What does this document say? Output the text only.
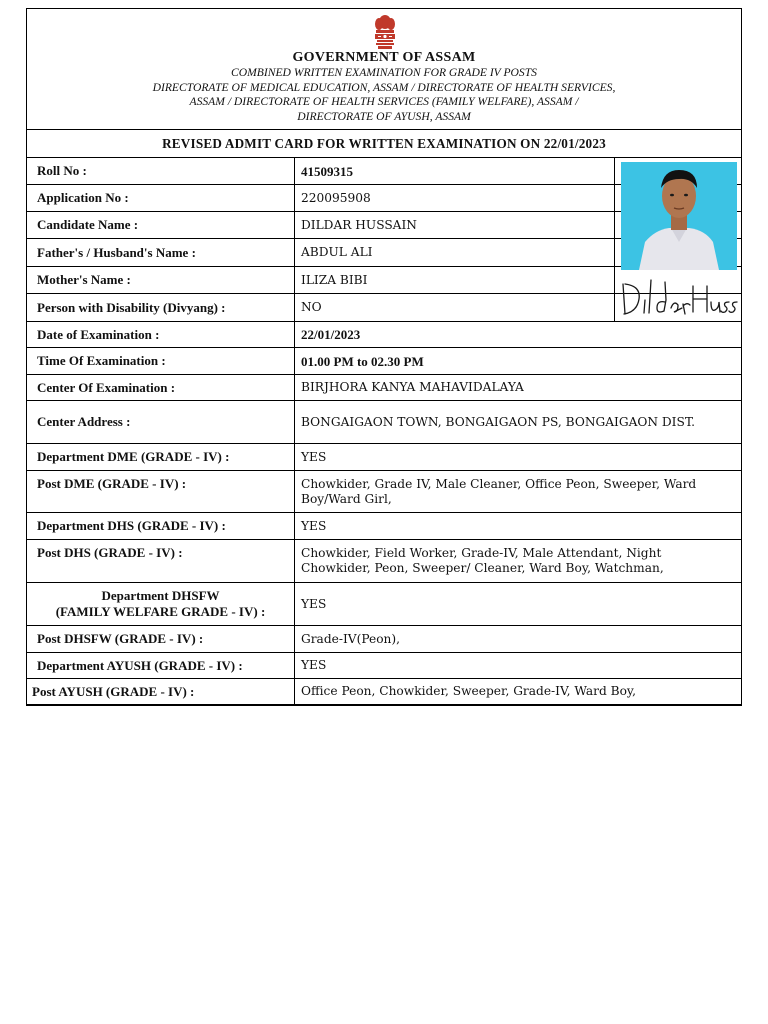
GOVERNMENT OF ASSAM
COMBINED WRITTEN EXAMINATION FOR GRADE IV POSTS
DIRECTORATE OF MEDICAL EDUCATION, ASSAM / DIRECTORATE OF HEALTH SERVICES,
ASSAM / DIRECTORATE OF HEALTH SERVICES (FAMILY WELFARE), ASSAM /
DIRECTORATE OF AYUSH, ASSAM
REVISED ADMIT CARD FOR WRITTEN EXAMINATION ON 22/01/2023
Roll No :	41509315
Application No :	220095908
Candidate Name :	DILDAR HUSSAIN
Father's / Husband's Name :	ABDUL ALI
Mother's Name :	ILIZA BIBI
Person with Disability (Divyang) :	NO
Date of Examination :	22/01/2023
Time Of Examination :	01.00 PM to 02.30 PM
Center Of Examination :	BIRJHORA KANYA MAHAVIDALAYA
Center Address :	BONGAIGAON TOWN, BONGAIGAON PS, BONGAIGAON DIST.
Department DME (GRADE - IV) :	YES
Post DME (GRADE - IV) :	Chowkider, Grade IV, Male Cleaner, Office Peon, Sweeper, Ward Boy/Ward Girl,
Department DHS (GRADE - IV) :	YES
Post DHS (GRADE - IV) :	Chowkider, Field Worker, Grade-IV, Male Attendant, Night Chowkider, Peon, Sweeper/ Cleaner, Ward Boy, Watchman,
Department DHSFW
(FAMILY WELFARE GRADE - IV) :
YES
Post DHSFW (GRADE - IV) :	Grade-IV(Peon),
Department AYUSH (GRADE - IV) :	YES
Post AYUSH (GRADE - IV) :	Office Peon, Chowkider, Sweeper, Grade-IV, Ward Boy,
